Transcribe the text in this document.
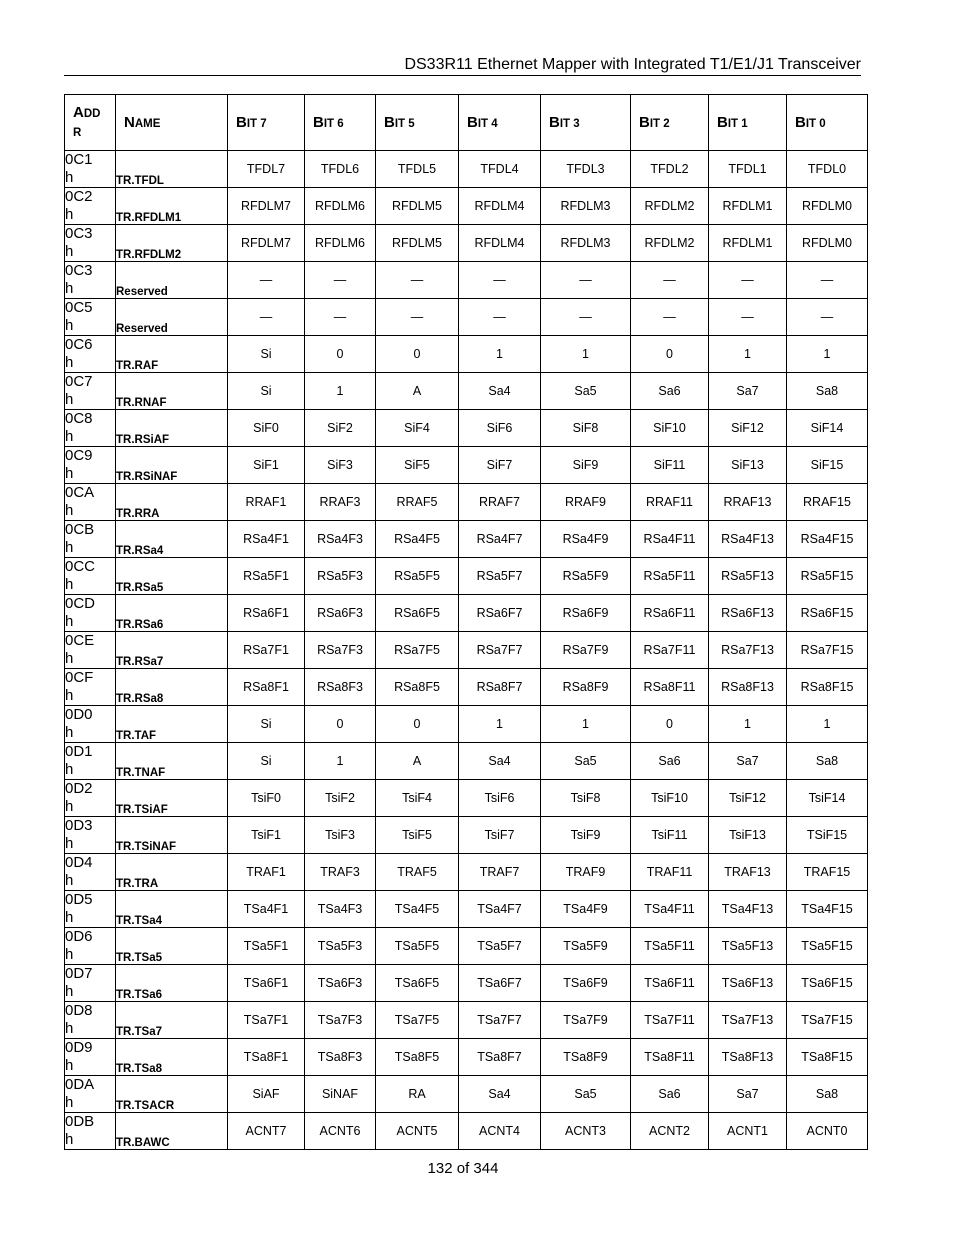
DS33R11 Ethernet Mapper with Integrated T1/E1/J1 Transceiver
ADD
R	NAME	BIT 7	BIT 6	BIT 5	BIT 4	BIT 3	BIT 2	BIT 1	BIT 0
0C1
h	TR.TFDL	TFDL7	TFDL6	TFDL5	TFDL4	TFDL3	TFDL2	TFDL1	TFDL0
0C2
h	TR.RFDLM1	RFDLM7	RFDLM6	RFDLM5	RFDLM4	RFDLM3	RFDLM2	RFDLM1	RFDLM0
0C3
h	TR.RFDLM2	RFDLM7	RFDLM6	RFDLM5	RFDLM4	RFDLM3	RFDLM2	RFDLM1	RFDLM0
0C3
h	Reserved	—	—	—	—	—	—	—	—
0C5
h	Reserved	—	—	—	—	—	—	—	—
0C6
h	TR.RAF	Si	0	0	1	1	0	1	1
0C7
h	TR.RNAF	Si	1	A	Sa4	Sa5	Sa6	Sa7	Sa8
0C8
h	TR.RSiAF	SiF0	SiF2	SiF4	SiF6	SiF8	SiF10	SiF12	SiF14
0C9
h	TR.RSiNAF	SiF1	SiF3	SiF5	SiF7	SiF9	SiF11	SiF13	SiF15
0CA
h	TR.RRA	RRAF1	RRAF3	RRAF5	RRAF7	RRAF9	RRAF11	RRAF13	RRAF15
0CB
h	TR.RSa4	RSa4F1	RSa4F3	RSa4F5	RSa4F7	RSa4F9	RSa4F11	RSa4F13	RSa4F15
0CC
h	TR.RSa5	RSa5F1	RSa5F3	RSa5F5	RSa5F7	RSa5F9	RSa5F11	RSa5F13	RSa5F15
0CD
h	TR.RSa6	RSa6F1	RSa6F3	RSa6F5	RSa6F7	RSa6F9	RSa6F11	RSa6F13	RSa6F15
0CE
h	TR.RSa7	RSa7F1	RSa7F3	RSa7F5	RSa7F7	RSa7F9	RSa7F11	RSa7F13	RSa7F15
0CF
h	TR.RSa8	RSa8F1	RSa8F3	RSa8F5	RSa8F7	RSa8F9	RSa8F11	RSa8F13	RSa8F15
0D0
h	TR.TAF	Si	0	0	1	1	0	1	1
0D1
h	TR.TNAF	Si	1	A	Sa4	Sa5	Sa6	Sa7	Sa8
0D2
h	TR.TSiAF	TsiF0	TsiF2	TsiF4	TsiF6	TsiF8	TsiF10	TsiF12	TsiF14
0D3
h	TR.TSiNAF	TsiF1	TsiF3	TsiF5	TsiF7	TsiF9	TsiF11	TsiF13	TSiF15
0D4
h	TR.TRA	TRAF1	TRAF3	TRAF5	TRAF7	TRAF9	TRAF11	TRAF13	TRAF15
0D5
h	TR.TSa4	TSa4F1	TSa4F3	TSa4F5	TSa4F7	TSa4F9	TSa4F11	TSa4F13	TSa4F15
0D6
h	TR.TSa5	TSa5F1	TSa5F3	TSa5F5	TSa5F7	TSa5F9	TSa5F11	TSa5F13	TSa5F15
0D7
h	TR.TSa6	TSa6F1	TSa6F3	TSa6F5	TSa6F7	TSa6F9	TSa6F11	TSa6F13	TSa6F15
0D8
h	TR.TSa7	TSa7F1	TSa7F3	TSa7F5	TSa7F7	TSa7F9	TSa7F11	TSa7F13	TSa7F15
0D9
h	TR.TSa8	TSa8F1	TSa8F3	TSa8F5	TSa8F7	TSa8F9	TSa8F11	TSa8F13	TSa8F15
0DA
h	TR.TSACR	SiAF	SiNAF	RA	Sa4	Sa5	Sa6	Sa7	Sa8
0DB
h	TR.BAWC	ACNT7	ACNT6	ACNT5	ACNT4	ACNT3	ACNT2	ACNT1	ACNT0
132 of 344
